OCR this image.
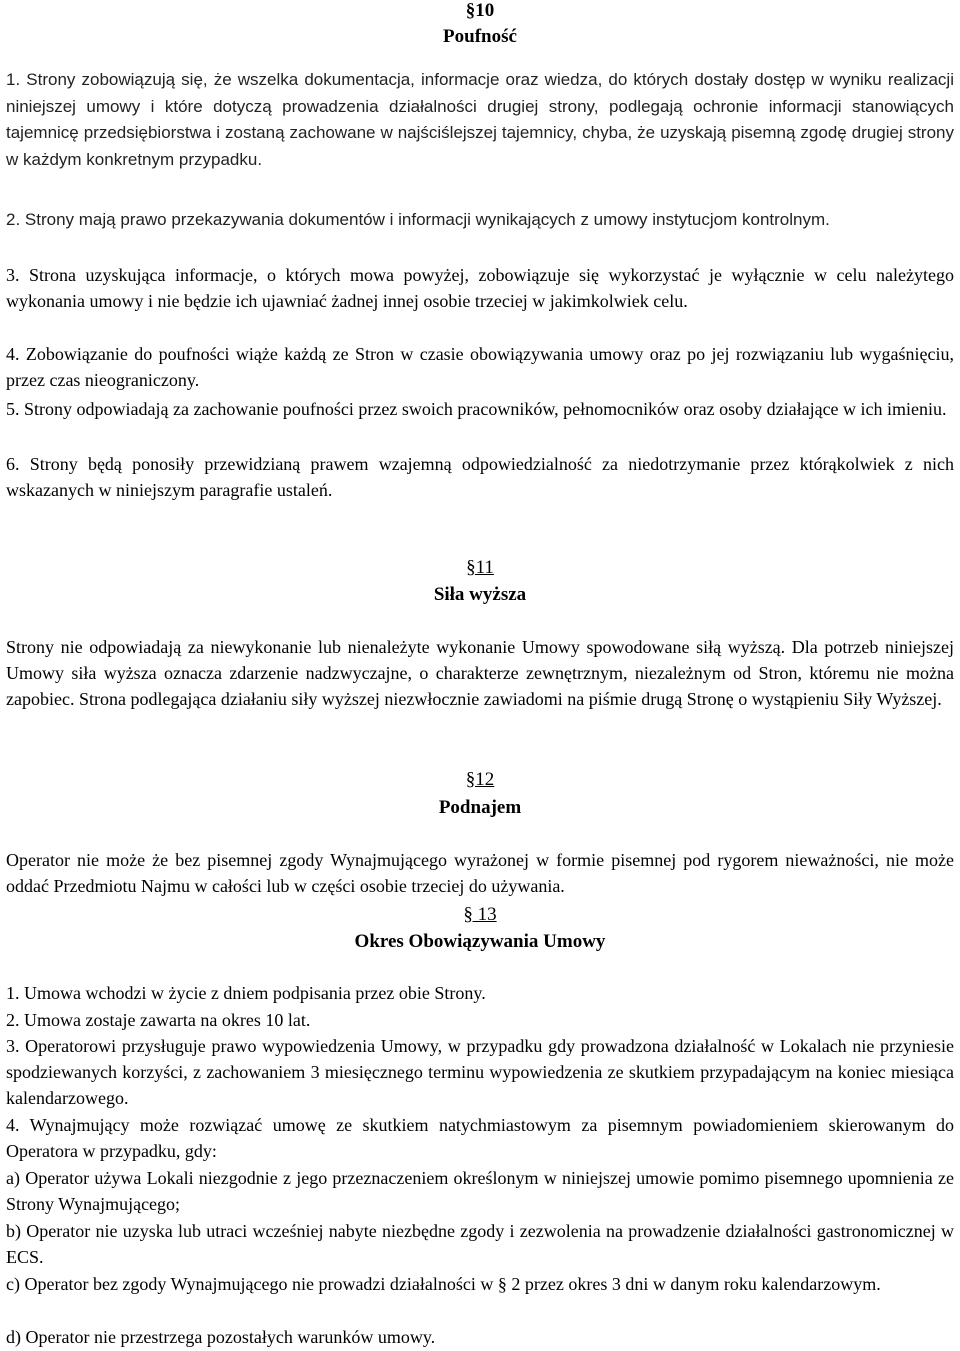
§10
Poufność

1. Strony zobowiązują się, że wszelka dokumentacja, informacje oraz wiedza, do których dostały dostęp w wyniku realizacji niniejszej umowy i które dotyczą prowadzenia działalności drugiej strony, podlegają ochronie informacji stanowiących tajemnicę przedsiębiorstwa i zostaną zachowane w najściślejszej tajemnicy, chyba, że uzyskają pisemną zgodę drugiej strony w każdym konkretnym przypadku.

2. Strony mają prawo przekazywania dokumentów i informacji wynikających z umowy instytucjom kontrolnym.

3. Strona uzyskująca informacje, o których mowa powyżej, zobowiązuje się wykorzystać je wyłącznie w celu należytego wykonania umowy i nie będzie ich ujawniać żadnej innej osobie trzeciej w jakimkolwiek celu.

4. Zobowiązanie do poufności wiąże każdą ze Stron w czasie obowiązywania umowy oraz po jej rozwiązaniu lub wygaśnięciu, przez czas nieograniczony.

5. Strony odpowiadają za zachowanie poufności przez swoich pracowników, pełnomocników oraz osoby działające w ich imieniu.

6. Strony będą ponosiły przewidzianą prawem wzajemną odpowiedzialność za niedotrzymanie przez którąkolwiek z nich wskazanych w niniejszym paragrafie ustaleń.

§11
Siła wyższa

Strony nie odpowiadają za niewykonanie lub nienależyte wykonanie Umowy spowodowane siłą wyższą. Dla potrzeb niniejszej Umowy siła wyższa oznacza zdarzenie nadzwyczajne, o charakterze zewnętrznym, niezależnym od Stron, któremu nie można zapobiec. Strona podlegająca działaniu siły wyższej niezwłocznie zawiadomi na piśmie drugą Stronę o wystąpieniu Siły Wyższej.

§12
Podnajem

Operator nie może że bez pisemnej zgody Wynajmującego wyrażonej w formie pisemnej pod rygorem nieważności, nie może oddać Przedmiotu Najmu w całości lub w części osobie trzeciej do używania.

§ 13
Okres Obowiązywania Umowy

1. Umowa wchodzi w życie z dniem podpisania przez obie Strony.

2. Umowa zostaje zawarta na okres 10 lat.

3. Operatorowi przysługuje prawo wypowiedzenia Umowy, w przypadku gdy prowadzona działalność w Lokalach nie przyniesie spodziewanych korzyści, z zachowaniem 3 miesięcznego terminu wypowiedzenia ze skutkiem przypadającym na koniec miesiąca kalendarzowego.

4. Wynajmujący może rozwiązać umowę ze skutkiem natychmiastowym za pisemnym powiadomieniem skierowanym do Operatora w przypadku, gdy:

a) Operator używa Lokali niezgodnie z jego przeznaczeniem określonym w niniejszej umowie pomimo pisemnego upomnienia ze Strony Wynajmującego;

b) Operator nie uzyska lub utraci wcześniej nabyte niezbędne zgody i zezwolenia na prowadzenie działalności gastronomicznej w ECS.

c) Operator bez zgody Wynajmującego nie prowadzi działalności w § 2 przez okres 3 dni w danym roku kalendarzowym.

d) Operator nie przestrzega pozostałych warunków umowy.
